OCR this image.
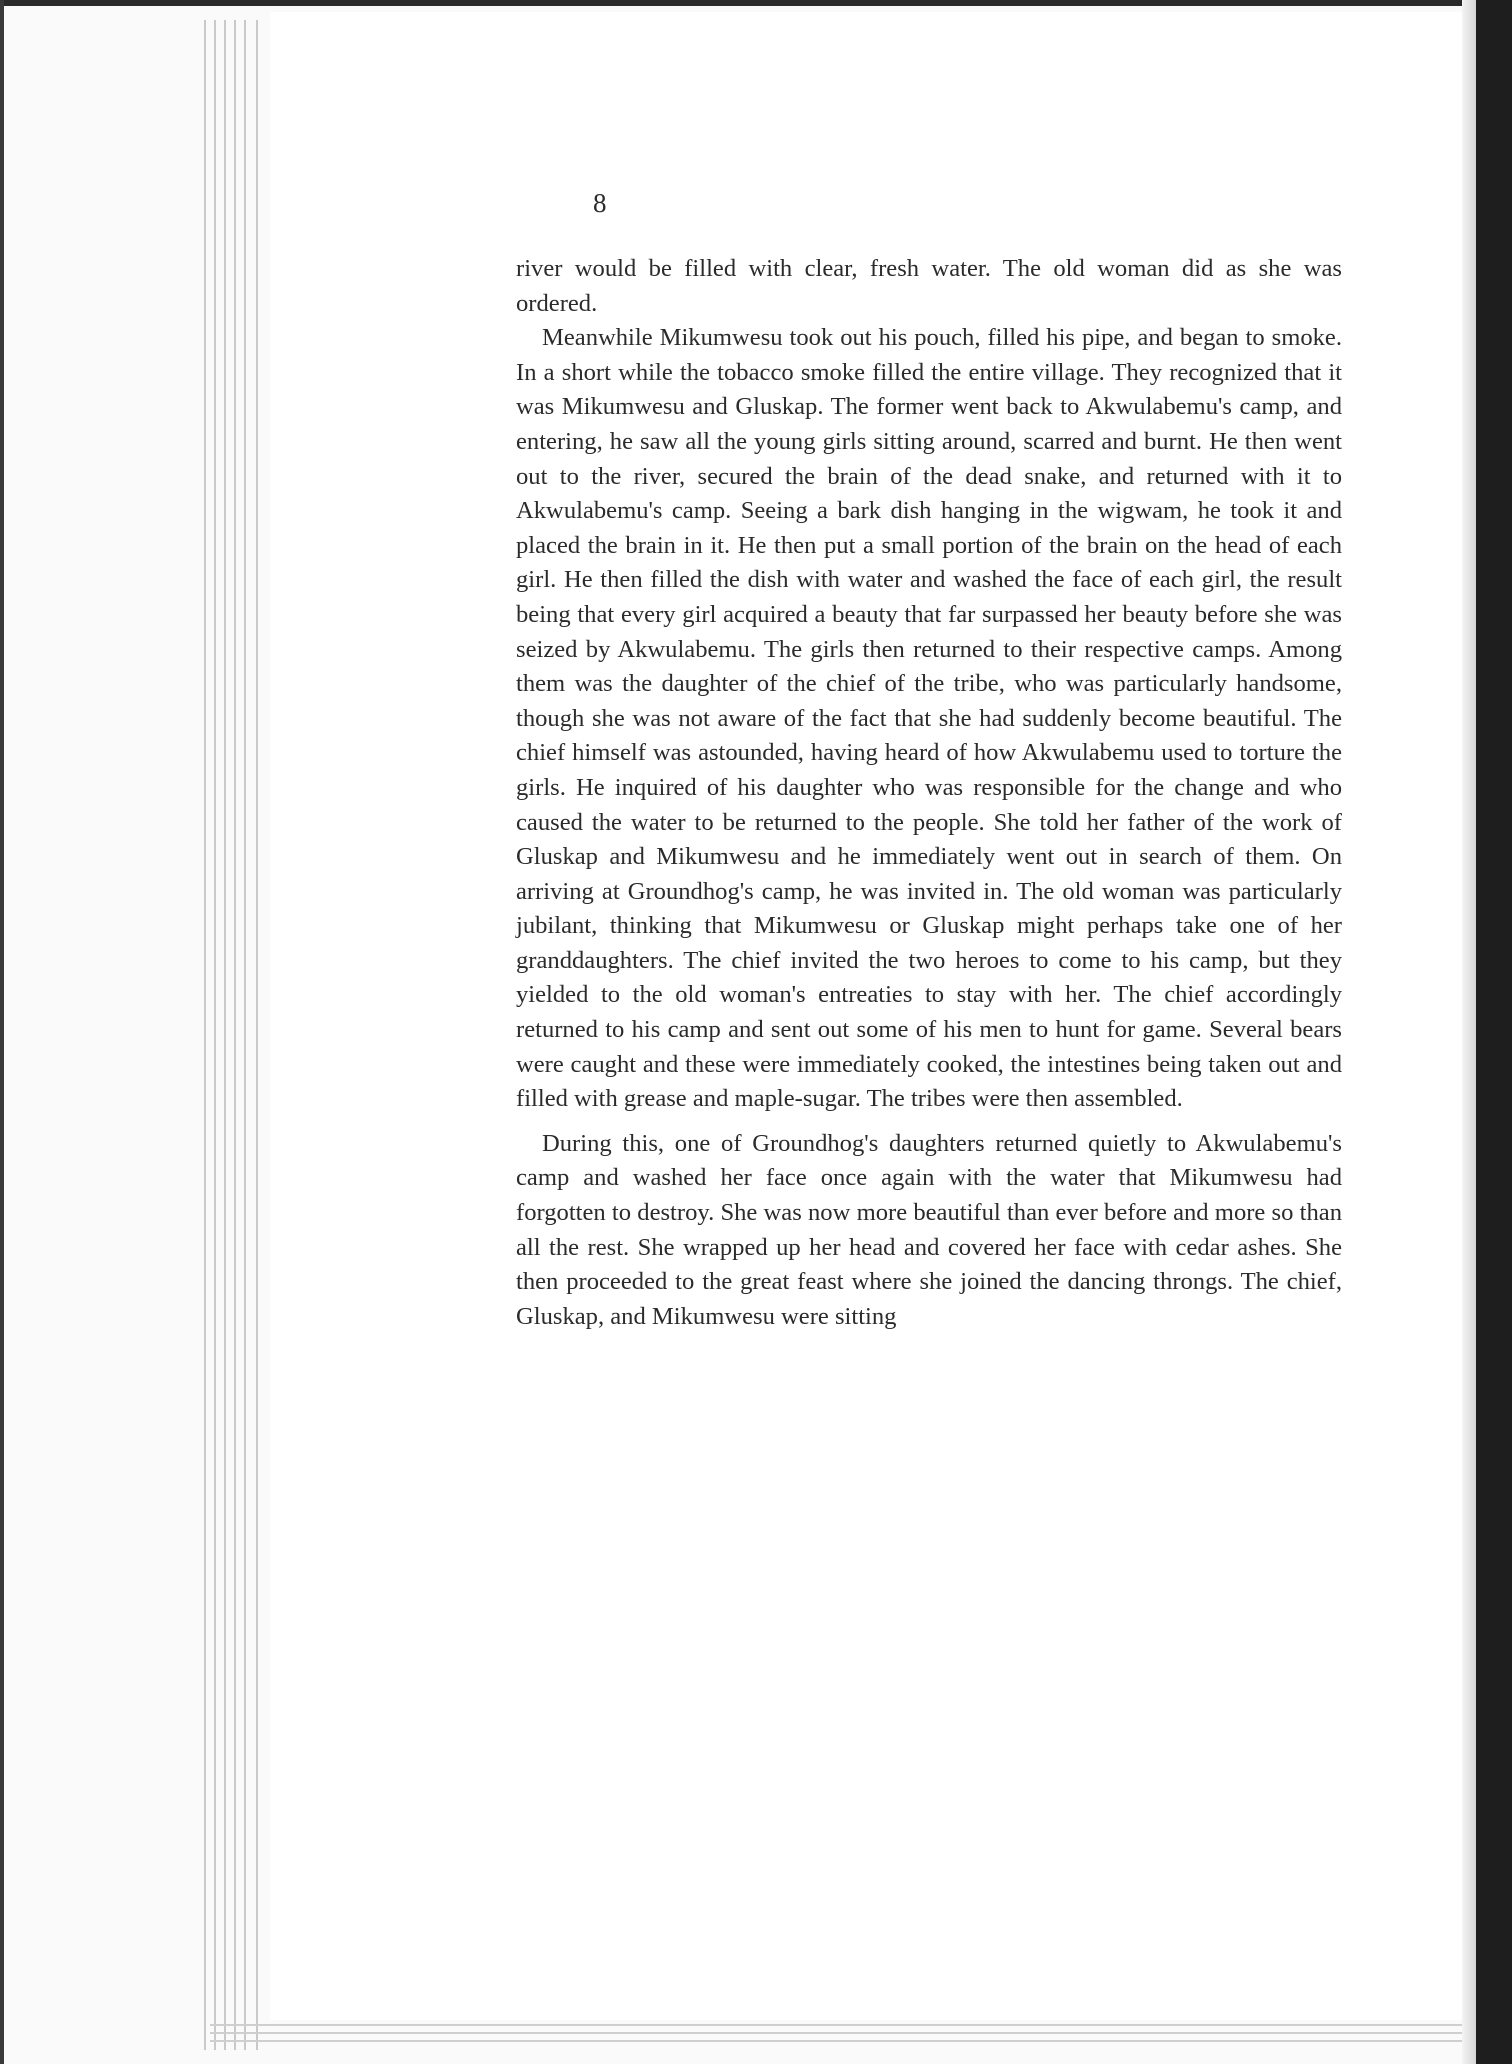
8

river would be filled with clear, fresh water. The old woman did as she was ordered.

Meanwhile Mikumwesu took out his pouch, filled his pipe, and began to smoke. In a short while the tobacco smoke filled the entire village. They recognized that it was Mikumwesu and Gluskap. The former went back to Akwulabemu's camp, and entering, he saw all the young girls sitting around, scarred and burnt. He then went out to the river, secured the brain of the dead snake, and returned with it to Akwulabemu's camp. Seeing a bark dish hanging in the wigwam, he took it and placed the brain in it. He then put a small portion of the brain on the head of each girl. He then filled the dish with water and washed the face of each girl, the result being that every girl acquired a beauty that far surpassed her beauty before she was seized by Akwulabemu. The girls then returned to their respective camps. Among them was the daughter of the chief of the tribe, who was particularly handsome, though she was not aware of the fact that she had suddenly become beautiful. The chief himself was astounded, having heard of how Akwulabemu used to torture the girls. He inquired of his daughter who was responsible for the change and who caused the water to be returned to the people. She told her father of the work of Gluskap and Mikumwesu and he immediately went out in search of them. On arriving at Groundhog's camp, he was invited in. The old woman was particularly jubilant, thinking that Mikumwesu or Gluskap might perhaps take one of her granddaughters. The chief invited the two heroes to come to his camp, but they yielded to the old woman's entreaties to stay with her. The chief accordingly returned to his camp and sent out some of his men to hunt for game. Several bears were caught and these were immediately cooked, the intestines being taken out and filled with grease and maple-sugar. The tribes were then assembled.

During this, one of Groundhog's daughters returned quietly to Akwulabemu's camp and washed her face once again with the water that Mikumwesu had forgotten to destroy. She was now more beautiful than ever before and more so than all the rest. She wrapped up her head and covered her face with cedar ashes. She then proceeded to the great feast where she joined the dancing throngs. The chief, Gluskap, and Mikumwesu were sitting
